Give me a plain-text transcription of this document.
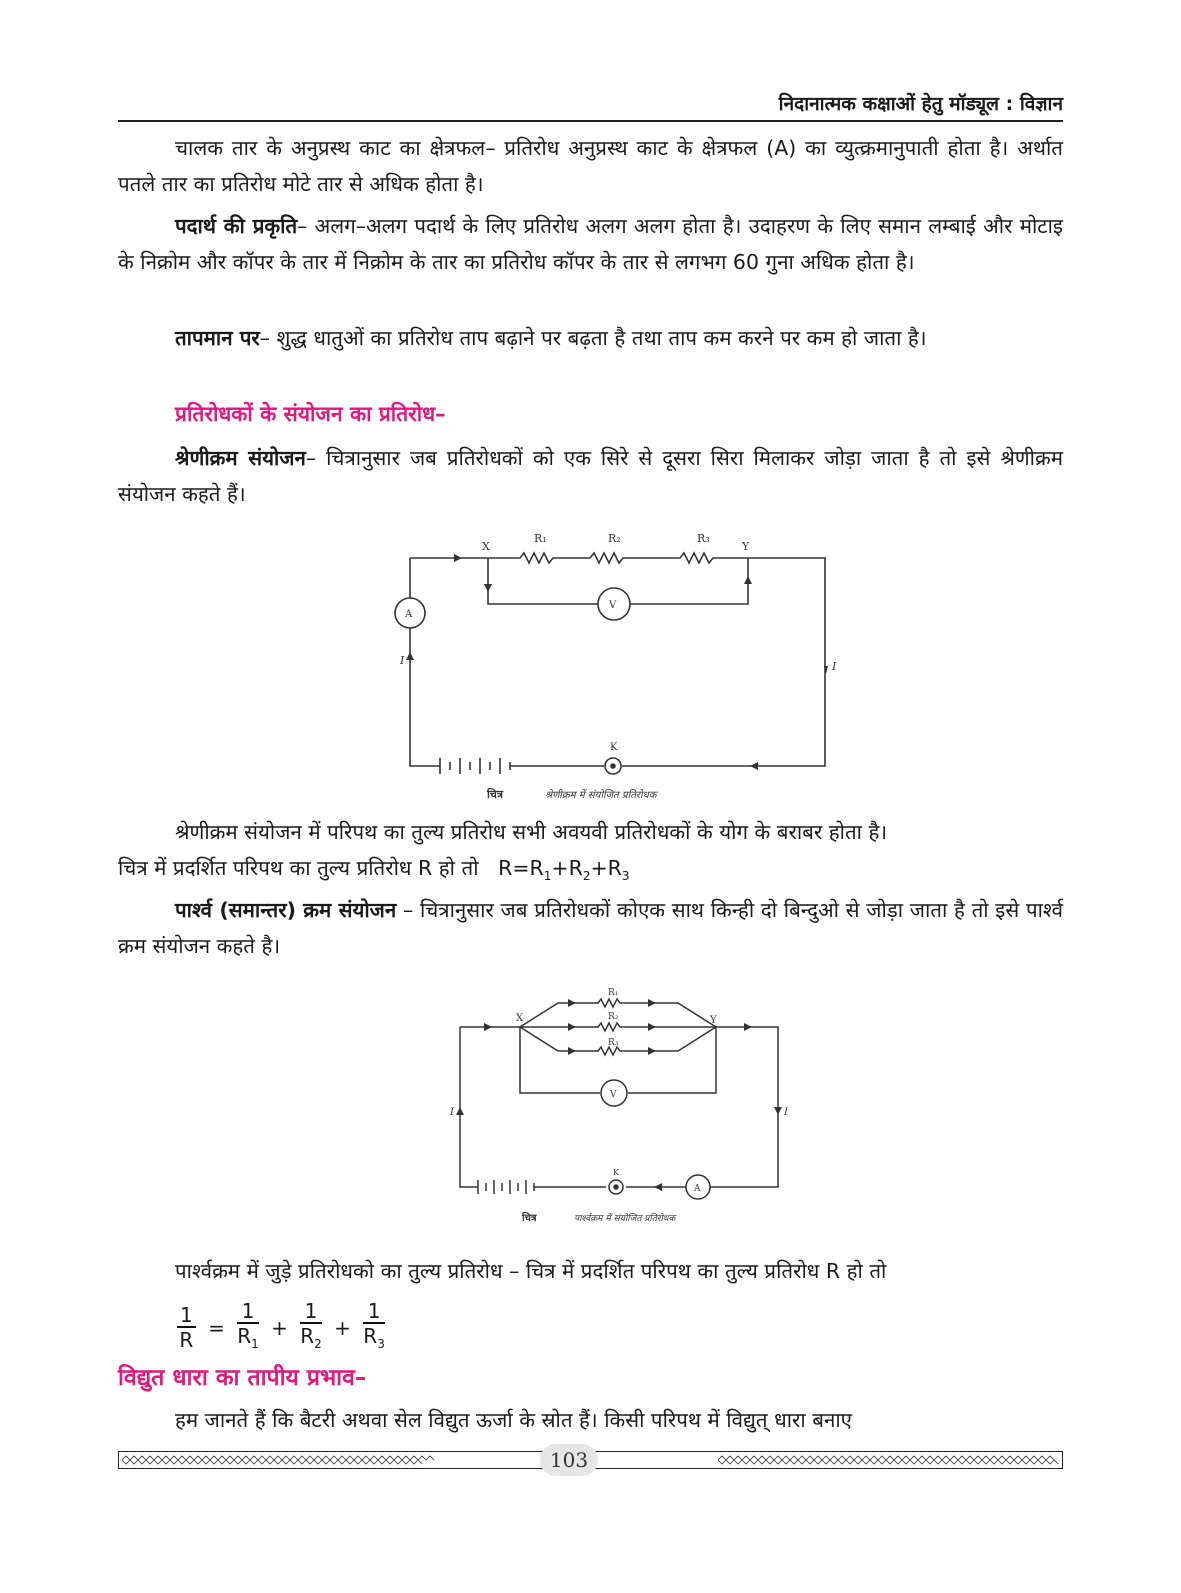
निदानात्मक कक्षाओं हेतु मॉड्यूल : विज्ञान

चालक तार के अनुप्रस्थ काट का क्षेत्रफल– प्रतिरोध अनुप्रस्थ काट के क्षेत्रफल (A) का व्युत्क्रमानुपाती होता है। अर्थात पतले तार का प्रतिरोध मोटे तार से अधिक होता है।

पदार्थ की प्रकृति– अलग–अलग पदार्थ के लिए प्रतिरोध अलग अलग होता है। उदाहरण के लिए समान लम्बाई और मोटाइ के निक्रोम और कॉपर के तार में निक्रोम के तार का प्रतिरोध कॉपर के तार से लगभग 60 गुना अधिक होता है।

तापमान पर– शुद्ध धातुओं का प्रतिरोध ताप बढ़ाने पर बढ़ता है तथा ताप कम करने पर कम हो जाता है।

प्रतिरोधकों के संयोजन का प्रतिरोध–

श्रेणीक्रम संयोजन– चित्रानुसार जब प्रतिरोधकों को एक सिरे से दूसरा सिरा मिलाकर जोड़ा जाता है तो इसे श्रेणीक्रम संयोजन कहते हैं।

X	Y
R₁	R₂	R₃
A
V
K
I	I
चित्र	श्रेणीक्रम में संयोजित प्रतिरोधक

श्रेणीक्रम संयोजन में परिपथ का तुल्य प्रतिरोध सभी अवयवी प्रतिरोधकों के योग के बराबर होता है।
चित्र में प्रदर्शित परिपथ का तुल्य प्रतिरोध R हो तो $R=R_1+R_2+R_3$

पार्श्व (समान्तर) क्रम संयोजन – चित्रानुसार जब प्रतिरोधकों कोएक साथ किन्ही दो बिन्दुओ से जोड़ा जाता है तो इसे पार्श्व क्रम संयोजन कहते है।

X	Y
R₁
R₂
R₃
V
A
K
I	I
चित्र	पार्श्वक्रम में संयोजित प्रतिरोधक

पार्श्वक्रम में जुड़े प्रतिरोधको का तुल्य प्रतिरोध – चित्र में प्रदर्शित परिपथ का तुल्य प्रतिरोध R हो तो

$\frac{1}{R} = \frac{1}{R_1} + \frac{1}{R_2} + \frac{1}{R_3}$

विद्युत धारा का तापीय प्रभाव–

हम जानते हैं कि बैटरी अथवा सेल विद्युत ऊर्जा के स्रोत हैं। किसी परिपथ में विद्युत् धारा बनाए

103
